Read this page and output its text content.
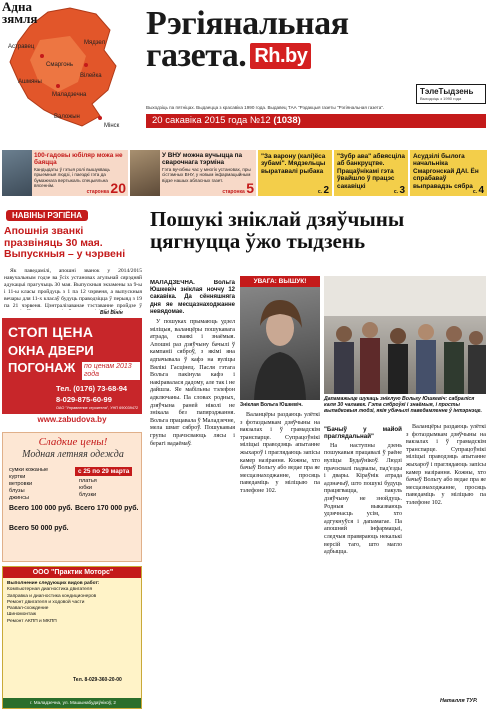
Адна
зямля
Астравец
Смаргонь
Мядзел
Ашмяны
Вілейка
Маладзечна
Валожын
Мінск
Рэгіянальная
газета. Rh.by
ТэлеТыдзень
Выходзіць з 1990 года
Выходзіць па пятніцах. Выдаецца з красавіка 1990 года. Выдавец ТАА "Рэдакцыя газеты "Рэгіянальная газета".
20 сакавіка 2015 года №12 (1038)
100-гадовы юбіляр можа не баяцца
Кандыдаты ў гэтыя ролі вышукваць прыемныя людзі, і паездкі гэта да бумажнага вертыкаль спецыяльна вясеннім.
старонка 20
У ВНУ можна вучыцца па сварочнага тэрміна
Гэта вучэбны час у многіх установах, пры сістэмных ВНУ, у новым інфармацыйным відзе нашых абласных газет.
старонка 5
"За варону (калі)ёса зубамі". Мядзельцы выратавалі рыбака
с. 2
"Зубр ава" абвясціла аб банкруцтве. Працаўнікамі гэта ўвайшло ў працэс сакавіцкі
с. 3
Асудзілі былога начальніка Смаргонскай ДАІ. Ён спрабаваў выправадзь сябра
с. 4
НАВІНЫ РЭГІЁНА
Апошнія званкі празвіняць 30 мая. Выпускныя – у чэрвені

Як паведамілі, апошні званок у 2014/2015 навучальным годзе ва ўсіх установах агульнай сярэдняй адукацыі прагучыць 30 мая. Выпускныя экзамены за 9-ы і 11-ы класы пройдуць з 1 па 12 чэрвеня, а выпускныя вечары для 11-х класаў будуць праводзіцца ў перыяд з 19 па 21 чэрвеня. Цэнтралізаванае тэставанне пройдзе ў

Вікі Вінін
СТОП ЦЕНА
ОКНА ДВЕРИ
ПОГОНАЖ по ценам 2013 года
Тел. (0176) 73-68-94
8-029-875-60-99
ОАО "Управление строителя", УНП 690039472
www.zabudova.by
Сладкие цены!
Модная летняя одежда
сумки кожаные
куртки
ветровки
блузы
джинсы
с 25 по 29 марта
платья
юбки
блузки
Всего 100 000 руб. Всего 170 000 руб.
Всего 50 000 руб.
ООО "Практик Моторс"
Выполнение следующих видов работ:
Компьютерная диагностика двигателя
Заправка и диагностика кондиционеров
Ремонт двигателя и ходовой части
Развал-схождение
Шиномонтаж
Ремонт АКПП и МКПП
Тел. 8-029-360-20-00
г. Маладзечна, ул. Машынабудаўнікоў, 2
Пошукі зніклай дзяўчыны цягнуцца ўжо тыдзень
МАЛАДЗЕЧНА. Вольга Юшкевіч зніклая ноччу 12 сакавіка. Да сённяшняга дня яе месцазнаходжанне невядомае.

У пошуках прымаюць удзел міліцыя, валанцёры пошукавага атрада, сваякі і знаёмыя. Апошні раз дзяўчыну бачылі ў кампаніі сяброў, з якімі яна адпачывала ў кафэ на вуліцы Вялікі Гасцінец. Пасля гэтага Вольга пакінула кафэ і накіравалася дадому, але так і не дайшла. Яе мабільны тэлефон адключаны. Па словах родных, дзяўчына раней ніколі не знікала без папярэджання. Вольга працавала ў Маладзечне, мела шмат сяброў. Пошукавыя групы прачэсваюць лясы і берагі вадаёмаў.

УВАГА: ВЫШУК!
Зніклая Вольга Юшкевіч.

Валанцёры раздаюць улёткі з фотаздымкам дзяўчыны на вакзалах і ў грамадскім транспарце. Супрацоўнікі міліцыі праводзяць апытанне жыхароў і праглядаюць запісы камер назірання. Кожны, хто бачыў Вольгу або ведае пра яе месцазнаходжанне, просяць паведаміць у міліцыю па тэлефоне 102.

Дапамажыце шукаць зніклую Вольгу Юшкевіч: сабраліся каля 30 чалавек. Гэта сяброўкі і знаёмыя, і просты выпадковыя людзі, якія убачылі паведамленне ў інтэрнэце.
"Бачыў у майой праглядальнай"

На наступны дзень пошукавыя працавалі ў раёне вуліцы Будаўнікоў. Людзі прачэсвалі падвалы, пад'езды і двары. Кіраўнік атрада адзначыў, што пошукі будуць працягвацца, пакуль дзяўчыну не знойдуць. Родныя выказваюць удзячнасць усім, хто адгукнуўся і дапамагае. Па апошняй інфармацыі, следчыя правяраюць некалькі версій таго, што магло адбыцца.

Валанцёры раздаюць улёткі з фотаздымкам дзяўчыны на вакзалах і ў грамадскім транспарце. Супрацоўнікі міліцыі праводзяць апытанне жыхароў і праглядаюць запісы камер назірання. Кожны, хто бачыў Вольгу або ведае пра яе месцазнаходжанне, просяць паведаміць у міліцыю па тэлефоне 102.

Наталля ТУР.
